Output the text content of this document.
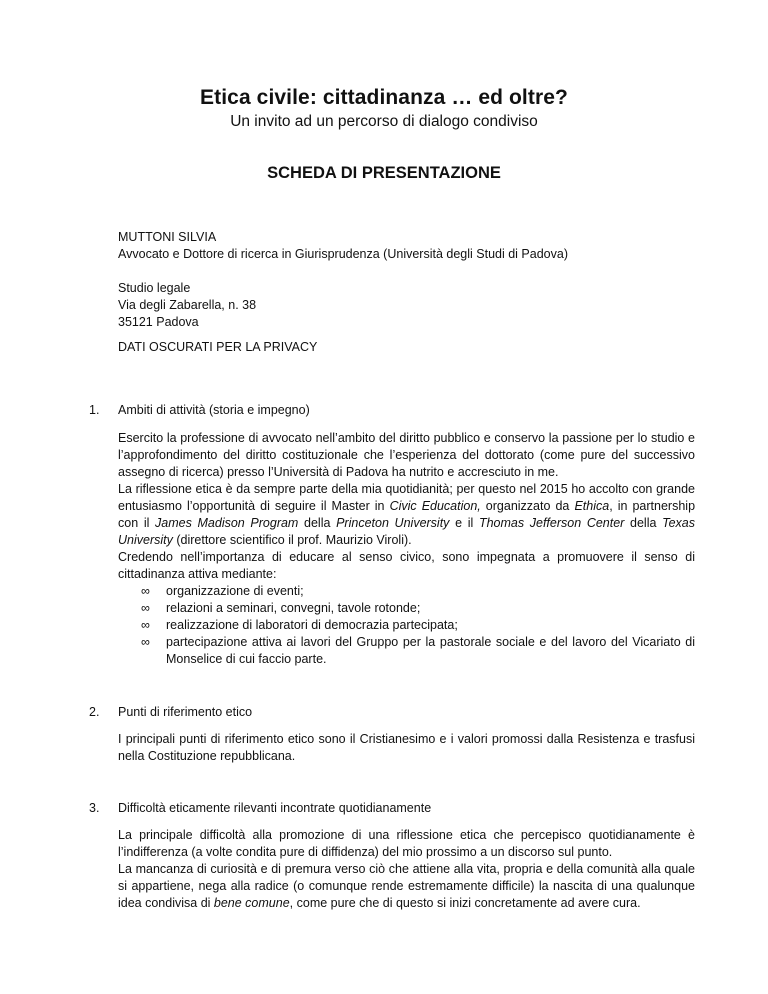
Etica civile: cittadinanza … ed oltre?
Un invito ad un percorso di dialogo condiviso
SCHEDA DI PRESENTAZIONE
MUTTONI SILVIA
Avvocato e Dottore di ricerca in Giurisprudenza (Università degli Studi di Padova)
Studio legale
Via degli Zabarella, n. 38
35121 Padova
DATI OSCURATI PER LA PRIVACY
1. Ambiti di attività (storia e impegno)

Esercito la professione di avvocato nell’ambito del diritto pubblico e conservo la passione per lo studio e l’approfondimento del diritto costituzionale che l’esperienza del dottorato (come pure del successivo assegno di ricerca) presso l’Università di Padova ha nutrito e accresciuto in me.

La riflessione etica è da sempre parte della mia quotidianità; per questo nel 2015 ho accolto con grande entusiasmo l’opportunità di seguire il Master in Civic Education, organizzato da Ethica, in partnership con il James Madison Program della Princeton University e il Thomas Jefferson Center della Texas University (direttore scientifico il prof. Maurizio Viroli).

Credendo nell’importanza di educare al senso civico, sono impegnata a promuovere il senso di cittadinanza attiva mediante:

∞ organizzazione di eventi;
∞ relazioni a seminari, convegni, tavole rotonde;
∞ realizzazione di laboratori di democrazia partecipata;
∞ partecipazione attiva ai lavori del Gruppo per la pastorale sociale e del lavoro del Vicariato di Monselice di cui faccio parte.
2. Punti di riferimento etico

I principali punti di riferimento etico sono il Cristianesimo e i valori promossi dalla Resistenza e trasfusi nella Costituzione repubblicana.

3. Difficoltà eticamente rilevanti incontrate quotidianamente

La principale difficoltà alla promozione di una riflessione etica che percepisco quotidianamente è l’indifferenza (a volte condita pure di diffidenza) del mio prossimo a un discorso sul punto.

La mancanza di curiosità e di premura verso ciò che attiene alla vita, propria e della comunità alla quale si appartiene, nega alla radice (o comunque rende estremamente difficile) la nascita di una qualunque idea condivisa di bene comune, come pure che di questo si inizi concretamente ad avere cura.
